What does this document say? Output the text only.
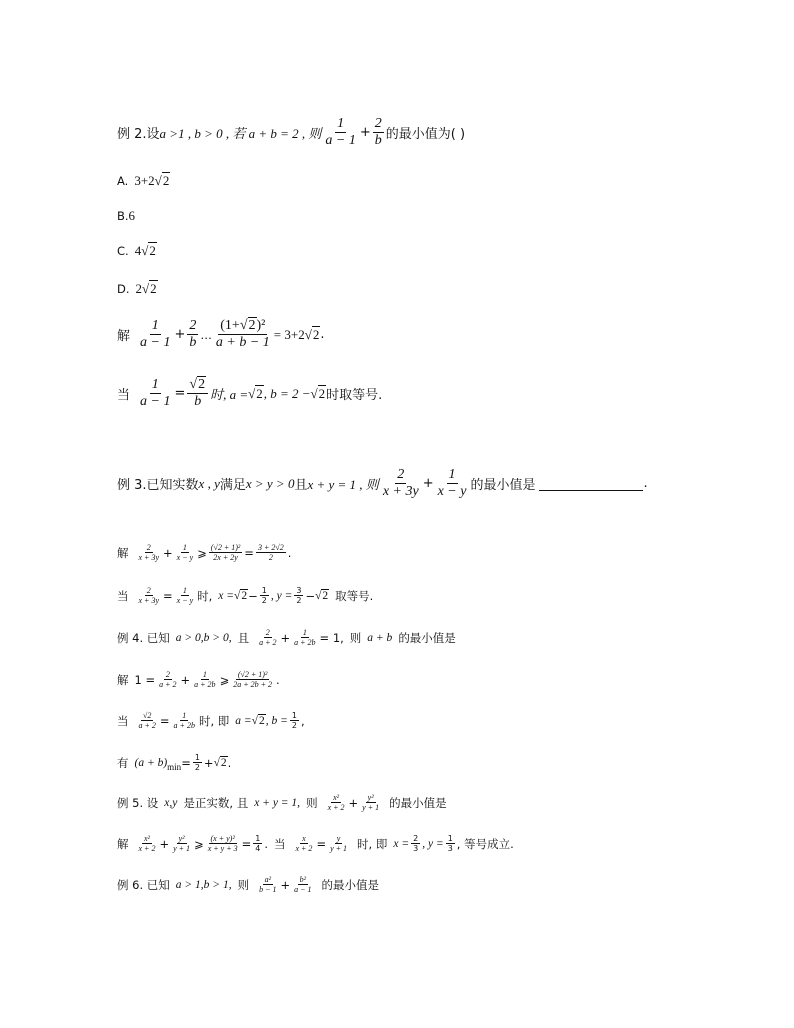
例 2.设 a >1 , b > 0 , 若 a + b = 2 , 则 $\frac{1}{a - 1} + \frac{2}{b}$ 的最小值为( )
A. 3+2 √2
B. 6
C. 4 √2
D. 2 √2
解 $\frac{1}{a - 1} + \frac{2}{b}$ … $\frac{\text{(1+√2)²}}{a + b - 1} = 3+2$ √2 .
当 $\frac{1}{a - 1} = \frac{√2}{b}$ 时, a = √2 , b = 2 − √2 时取等号.
例 3.已知实数 x , y 满足 x > y > 0 且 x + y = 1 , 则 $\frac{2}{x + 3y} + \frac{1}{x - y}$ 的最小值是	.
解 $\frac{2}{x + 3y} + \frac{1}{x - y}$ ⩾ $\frac{\text{(√2 + 1)²}}{2x + 2y} = \frac{3 + 2√2}{2}$ .
当 $\frac{2}{x + 3y} = \frac{1}{x - y}$ 时, $x = √2 - \frac{1}{2}$ , $y = \frac{3}{2} - √2$ 取等号.
例 4. 已知 a > 0,b > 0, 且 $\frac{2}{a + 2} + \frac{1}{a + 2b} = 1$, 则 a + b 的最小值是
解 $1 = \frac{2}{a + 2} + \frac{1}{a + 2b}$ ⩾ $\frac{\text{(√2 + 1)²}}{2a + 2b + 2}$ .
当 $\frac{√2}{a + 2} = \frac{1}{a + 2b}$ 时, 即 a = √2 , $b = \frac{1}{2}$ ,
有 (a + b) $\min = \frac{1}{2} + √2$ .
例 5. 设 x,y 是正实数, 且 x + y = 1, 则 $\frac{\text{x²}}{x + 2} + \frac{\text{y²}}{y + 1}$ 的最小值是
解 $\frac{\text{x²}}{x + 2} + \frac{\text{y²}}{y + 1}$ ⩾ $\frac{\text{(x + y)²}}{x + y + 3} = \frac{1}{4}$ . 当 $\frac{x}{x + 2} = \frac{y}{y + 1}$ 时, 即 $x = \frac{2}{3}$ , $y = \frac{1}{3}$ , 等号成立.
例 6. 已知 a > 1,b > 1, 则 $\frac{\text{a²}}{b - 1} + \frac{\text{b²}}{a - 1}$ 的最小值是
